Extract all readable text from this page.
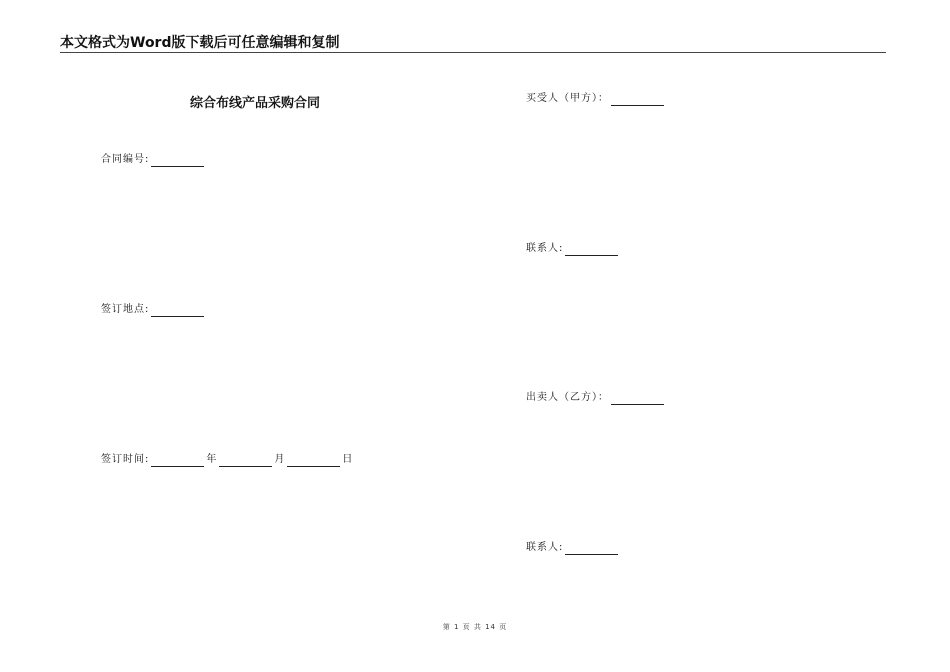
本文格式为Word版下载后可任意编辑和复制
综合布线产品采购合同
合同编号:
签订地点:
签订时间:	年	月	日
买受人（甲方）：
联系人:
出卖人（乙方）：
联系人:
第 1 页 共 14 页
